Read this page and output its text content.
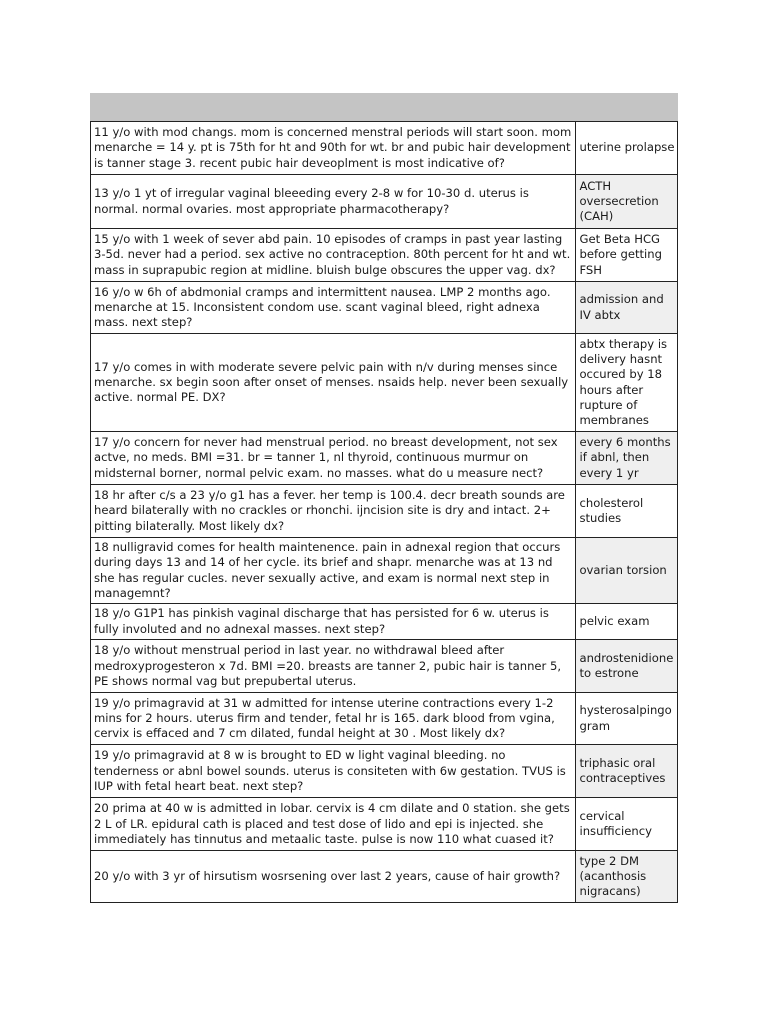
11 y/o with mod changs. mom is concerned menstral periods will start soon. mom menarche = 14 y. pt is 75th for ht and 90th for wt. br and pubic hair development is tanner stage 3. recent pubic hair deveoplment is most indicative of?	uterine prolapse
13 y/o 1 yt of irregular vaginal bleeeding every 2-8 w for 10-30 d. uterus is normal. normal ovaries. most appropriate pharmacotherapy?	ACTH oversecretion (CAH)
15 y/o with 1 week of sever abd pain. 10 episodes of cramps in past year lasting 3-5d. never had a period. sex active no contraception. 80th percent for ht and wt. mass in suprapubic region at midline. bluish bulge obscures the upper vag. dx?	Get Beta HCG before getting FSH
16 y/o w 6h of abdmonial cramps and intermittent nausea. LMP 2 months ago. menarche at 15. Inconsistent condom use. scant vaginal bleed, right adnexa mass. next step?	admission and IV abtx
17 y/o comes in with moderate severe pelvic pain with n/v during menses since menarche. sx begin soon after onset of menses. nsaids help. never been sexually active. normal PE. DX?	abtx therapy is delivery hasnt occured by 18 hours after rupture of membranes
17 y/o concern for never had menstrual period. no breast development, not sex actve, no meds. BMI =31. br = tanner 1, nl thyroid, continuous murmur on midsternal borner, normal pelvic exam. no masses. what do u measure nect?	every 6 months if abnl, then every 1 yr
18 hr after c/s a 23 y/o g1 has a fever. her temp is 100.4. decr breath sounds are heard bilaterally with no crackles or rhonchi. ijncision site is dry and intact. 2+ pitting bilaterally. Most likely dx?	cholesterol studies
18 nulligravid comes for health maintenence. pain in adnexal region that occurs during days 13 and 14 of her cycle. its brief and shapr. menarche was at 13 nd she has regular cucles. never sexually active, and exam is normal next step in managemnt?	ovarian torsion
18 y/o G1P1 has pinkish vaginal discharge that has persisted for 6 w. uterus is fully involuted and no adnexal masses. next step?	pelvic exam
18 y/o without menstrual period in last year. no withdrawal bleed after medroxyprogesteron x 7d. BMI =20. breasts are tanner 2, pubic hair is tanner 5, PE shows normal vag but prepubertal uterus.	androstenidione to estrone
19 y/o primagravid at 31 w admitted for intense uterine contractions every 1-2 mins for 2 hours. uterus firm and tender, fetal hr is 165. dark blood from vgina, cervix is effaced and 7 cm dilated, fundal height at 30 . Most likely dx?	hysterosalpingogram
19 y/o primagravid at 8 w is brought to ED w light vaginal bleeding. no tenderness or abnl bowel sounds. uterus is consiteten with 6w gestation. TVUS is IUP with fetal heart beat. next step?	triphasic oral contraceptives
20 prima at 40 w is admitted in lobar. cervix is 4 cm dilate and 0 station. she gets 2 L of LR. epidural cath is placed and test dose of lido and epi is injected. she immediately has tinnutus and metaalic taste. pulse is now 110 what cuased it?	cervical insufficiency
20 y/o with 3 yr of hirsutism wosrsening over last 2 years, cause of hair growth?	type 2 DM (acanthosis nigracans)
